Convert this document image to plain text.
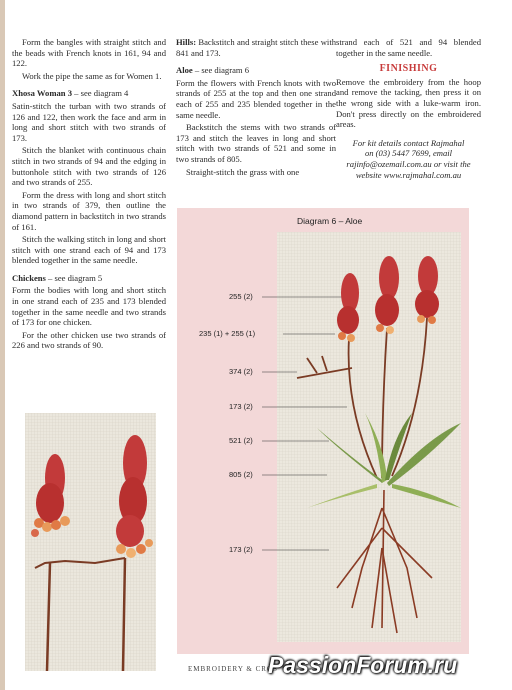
Form the bangles with straight stitch and the beads with French knots in 161, 94 and 122.

Work the pipe the same as for Women 1.

Xhosa Woman 3 – see diagram 4

Satin-stitch the turban with two strands of 126 and 122, then work the face and arm in long and short stitch with two strands of 173.

Stitch the blanket with continuous chain stitch in two strands of 94 and the edging in buttonhole stitch with two strands of 126 and two strands of 255.

Form the dress with long and short stitch in two strands of 379, then outline the diamond pattern in backstitch in two strands of 161.

Stitch the walking stitch in long and short stitch with one strand each of 94 and 173 blended together in the same needle.

Chickens – see diagram 5

Form the bodies with long and short stitch in one strand each of 235 and 173 blended together in the same needle and two strands of 173 for one chicken.

For the other chicken use two strands of 226 and two strands of 90.

Hills: Backstitch and straight stitch these with 841 and 173.

Aloe – see diagram 6

Form the flowers with French knots with two strands of 255 at the top and then one strand each of 255 and 235 blended together in the same needle.

Backstitch the stems with two strands of 173 and stitch the leaves in long and short stitch with two strands of 521 and some in two strands of 805.

Straight-stitch the grass with one

strand each of 521 and 94 blended together in the same needle.

FINISHING

Remove the embroidery from the hoop and remove the tacking, then press it on the wrong side with a luke-warm iron. Don't press directly on the embroidered areas.

For kit details contact Rajmahal
on (03) 5447 7699, email
rajinfo@ozemail.com.au or visit the
website www.rajmahal.com.au
Diagram 6 – Aloe
255 (2)
235 (1) + 255 (1)
374 (2)
173 (2)
521 (2)
805 (2)
173 (2)
EMBROIDERY & CROS
PassionForum.ru
